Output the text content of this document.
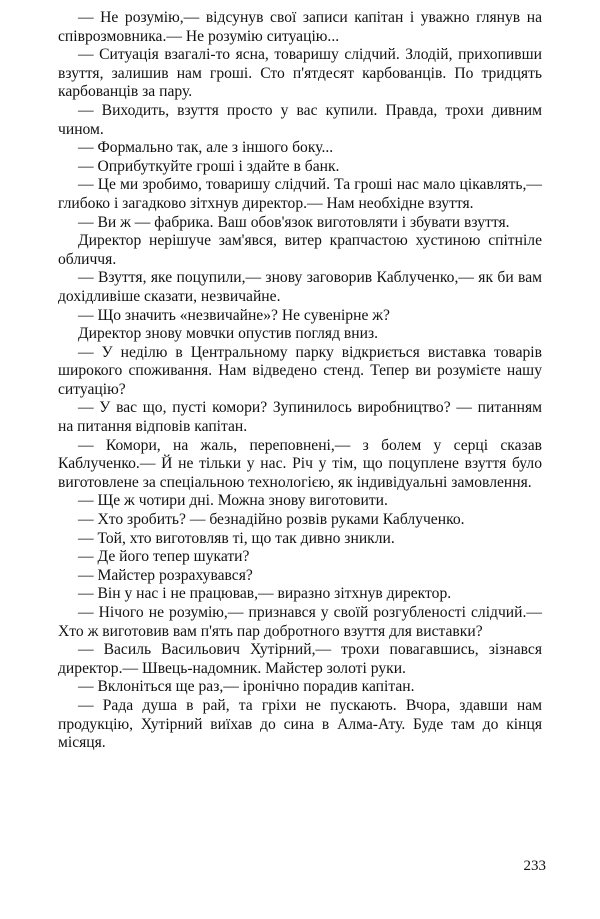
— Не розумію,— відсунув свої записи капітан і уважно глянув на співрозмовника.— Не розумію ситуацію...

— Ситуація взагалі-то ясна, товаришу слідчий. Злодій, прихопивши взуття, залишив нам гроші. Сто п'ятдесят карбованців. По тридцять карбованців за пару.

— Виходить, взуття просто у вас купили. Правда, трохи дивним чином.

— Формально так, але з іншого боку...

— Оприбуткуйте гроші і здайте в банк.

— Це ми зробимо, товаришу слідчий. Та гроші нас мало цікавлять,— глибоко і загадково зітхнув директор.— Нам необхідне взуття.

— Ви ж — фабрика. Ваш обов'язок виготовляти і збувати взуття.

Директор нерішуче зам'явся, витер крапчастою хустиною спітніле обличчя.

— Взуття, яке поцупили,— знову заговорив Каблученко,— як би вам дохідливіше сказати, незвичайне.

— Що значить «незвичайне»? Не сувенірне ж?

Директор знову мовчки опустив погляд вниз.

— У неділю в Центральному парку відкриється виставка товарів широкого споживання. Нам відведено стенд. Тепер ви розумієте нашу ситуацію?

— У вас що, пусті комори? Зупинилось виробництво? — питанням на питання відповів капітан.

— Комори, на жаль, переповнені,— з болем у серці сказав Каблученко.— Й не тільки у нас. Річ у тім, що поцуплене взуття було виготовлене за спеціальною технологією, як індивідуальні замовлення.

— Ще ж чотири дні. Можна знову виготовити.

— Хто зробить? — безнадійно розвів руками Каблученко.

— Той, хто виготовляв ті, що так дивно зникли.

— Де його тепер шукати?

— Майстер розрахувався?

— Він у нас і не працював,— виразно зітхнув директор.

— Нічого не розумію,— признався у своїй розгубленості слідчий.— Хто ж виготовив вам п'ять пар добротного взуття для виставки?

— Василь Васильович Хутірний,— трохи повагавшись, зізнався директор.— Швець-надомник. Майстер золоті руки.

— Вклоніться ще раз,— іронічно порадив капітан.

— Рада душа в рай, та гріхи не пускають. Вчора, здавши нам продукцію, Хутірний виїхав до сина в Алма-Ату. Буде там до кінця місяця.

233
